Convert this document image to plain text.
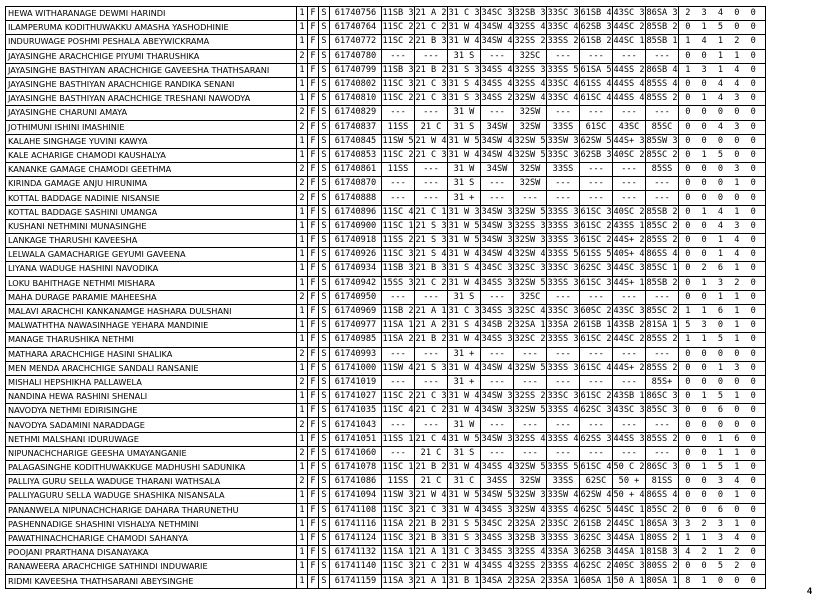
HEWA WITHARANAGE DEWMI HARINDI	1	F	S	61740756	11SB 3	21 A 2	31 C 3	34SC 3	32SB 3	33SC 3	61SB 4	43SC 3	86SA 3	2 3 4 0 0
ILAMPERUMA KODITHUWAKKU AMASHA YASHODHINIE	1	F	S	61740764	11SC 2	21 C 2	31 W 4	34SW 4	32SS 4	33SC 4	62SB 3	44SC 2	85SB 2	0 1 5 0 0
INDURUWAGE POSHMI PESHALA ABEYWICKRAMA	1	F	S	61740772	11SC 2	21 B 3	31 W 4	34SW 4	32SS 2	33SS 2	61SB 2	44SC 1	85SB 1	1 4 1 2 0
JAYASINGHE ARACHCHIGE PIYUMI THARUSHIKA	2	F	S	61740780	---	---	31 S	---	32SC	---	---	---	---	0 0 1 1 0
JAYASINGHE BASTHIYAN ARACHCHIGE GAVEESHA THATHSARANI	1	F	S	61740799	11SB 3	21 B 2	31 S 3	34SS 4	32SS 3	33SS 5	61SA 5	44SS 2	86SB 4	1 3 1 4 0
JAYASINGHE BASTHIYAN ARACHCHIGE RANDIKA SENANI	1	F	S	61740802	11SC 3	21 C 3	31 S 4	34SS 4	32SS 4	33SC 4	61SS 4	44SS 4	85SS 4	0 0 4 4 0
JAYASINGHE BASTHIYAN ARACHCHIGE TRESHANI NAWODYA	1	F	S	61740810	11SC 2	21 C 3	31 S 3	34SS 2	32SW 4	33SC 4	61SC 4	44SS 4	85SS 2	0 1 4 3 0
JAYASINGHE CHARUNI AMAYA	2	F	S	61740829	---	---	31 W	---	32SW	---	---	---	---	0 0 0 0 0
JOTHIMUNI ISHINI IMASHINIE	2	F	S	61740837	11SS	21 C	31 S	34SW	32SW	33SS	61SC	43SC	85SC	0 0 4 3 0
KALAHE SINGHAGE YUVINI KAWYA	1	F	S	61740845	11SW 5	21 W 4	31 W 5	34SW 4	32SW 5	33SW 3	62SW 5	44S+ 3	85SW 3	0 0 0 0 0
KALE ACHARIGE CHAMODI KAUSHALYA	1	F	S	61740853	11SC 2	21 C 3	31 W 4	34SW 4	32SW 5	33SC 3	62SB 3	40SC 2	85SC 2	0 1 5 0 0
KANANKE GAMAGE CHAMODI GEETHMA	2	F	S	61740861	11SS	---	31 W	34SW	32SW	33SS	---	---	85SS	0 0 0 3 0
KIRINDA GAMAGE ANJU HIRUNIMA	2	F	S	61740870	---	---	31 S	---	32SW	---	---	---	---	0 0 0 1 0
KOTTAL BADDAGE NADINIE NISANSIE	2	F	S	61740888	---	---	31 +	---	---	---	---	---	---	0 0 0 0 0
KOTTAL BADDAGE SASHINI UMANGA	1	F	S	61740896	11SC 4	21 C 1	31 W 3	34SW 3	32SW 5	33SS 3	61SC 3	40SC 2	85SB 2	0 1 4 1 0
KUSHANI NETHMINI MUNASINGHE	1	F	S	61740900	11SC 1	21 S 3	31 W 5	34SW 3	32SS 3	33SS 3	61SC 2	43SS 1	85SC 2	0 0 4 3 0
LANKAGE THARUSHI KAVEESHA	1	F	S	61740918	11SS 2	21 S 3	31 W 5	34SW 3	32SW 3	33SS 3	61SC 2	44S+ 2	85SS 2	0 0 1 4 0
LELWALA GAMACHARIGE GEYUMI GAVEENA	1	F	S	61740926	11SC 3	21 S 4	31 W 4	34SW 4	32SW 4	33SS 5	61SS 5	40S+ 4	86SS 4	0 0 1 4 0
LIYANA WADUGE HASHINI NAVODIKA	1	F	S	61740934	11SB 3	21 B 3	31 S 4	34SC 3	32SC 3	33SC 3	62SC 3	44SC 3	85SC 1	0 2 6 1 0
LOKU BAHITHAGE NETHMI MISHARA	1	F	S	61740942	15SS 3	21 C 2	31 W 4	34SS 3	32SW 5	33SS 3	61SC 3	44S+ 1	85SB 2	0 1 3 2 0
MAHA DURAGE PARAMIE MAHEESHA	2	F	S	61740950	---	---	31 S	---	32SC	---	---	---	---	0 0 1 1 0
MALAVI ARACHCHI KANKANAMGE HASHARA DULSHANI	1	F	S	61740969	11SB 2	21 A 1	31 C 3	34SS 3	32SC 4	33SC 3	60SC 2	43SC 3	85SC 2	1 1 6 1 0
MALWATHTHA NAWASINHAGE YEHARA MANDINIE	1	F	S	61740977	11SA 1	21 A 2	31 S 4	34SB 2	32SA 1	33SA 2	61SB 1	43SB 2	81SA 1	5 3 0 1 0
MANAGE THARUSHIKA NETHMI	1	F	S	61740985	11SA 2	21 B 2	31 W 4	34SS 3	32SC 2	33SS 3	61SC 2	44SC 2	85SS 2	1 1 5 1 0
MATHARA ARACHCHIGE HASINI SHALIKA	2	F	S	61740993	---	---	31 +	---	---	---	---	---	---	0 0 0 0 0
MEN MENDA ARACHCHIGE SANDALI RANSANIE	1	F	S	61741000	11SW 4	21 S 3	31 W 4	34SW 4	32SW 5	33SS 3	61SC 4	44S+ 2	85SS 2	0 0 1 3 0
MISHALI HEPSHIKHA PALLAWELA	2	F	S	61741019	---	---	31 +	---	---	---	---	---	85S+	0 0 0 0 0
NANDINA HEWA RASHINI SHENALI	1	F	S	61741027	11SC 2	21 C 3	31 W 4	34SW 3	32SS 2	33SC 3	61SC 2	43SB 1	86SC 3	0 1 5 1 0
NAVODYA NETHMI EDIRISINGHE	1	F	S	61741035	11SC 4	21 C 2	31 W 4	34SW 3	32SW 5	33SS 4	62SC 3	43SC 3	85SC 3	0 0 6 0 0
NAVODYA SADAMINI NARADDAGE	2	F	S	61741043	---	---	31 W	---	---	---	---	---	---	0 0 0 0 0
NETHMI MALSHANI IDURUWAGE	1	F	S	61741051	11SS 1	21 C 4	31 W 5	34SW 3	32SS 4	33SS 4	62SS 3	44SS 3	85SS 2	0 0 1 6 0
NIPUNACHCHARIGE GEESHA UMAYANGANIE	2	F	S	61741060	---	21 C	31 S	---	---	---	---	---	---	0 0 1 1 0
PALAGASINGHE KODITHUWAKKUGE MADHUSHI SADUNIKA	1	F	S	61741078	11SC 1	21 B 2	31 W 4	34SS 4	32SW 5	33SS 5	61SC 4	50 C 2	86SC 3	0 1 5 1 0
PALLIYA GURU SELLA WADUGE THARANI WATHSALA	2	F	S	61741086	11SS	21 C	31 C	34SS	32SW	33SS	62SC	50 +	81SS	0 0 3 4 0
PALLIYAGURU SELLA WADUGE SHASHIKA NISANSALA	1	F	S	61741094	11SW 3	21 W 4	31 W 5	34SW 5	32SW 3	33SW 4	62SW 4	50 + 4	86SS 4	0 0 0 1 0
PANANWELA NIPUNACHCHARIGE DAHARA THARUNETHU	1	F	S	61741108	11SC 3	21 C 3	31 W 4	34SS 3	32SW 4	33SS 4	62SC 5	44SC 1	85SC 2	0 0 6 0 0
PASHENNADIGE SHASHINI VISHALYA NETHMINI	1	F	S	61741116	11SA 2	21 B 2	31 S 5	34SC 2	32SA 2	33SC 2	61SB 2	44SC 1	86SA 3	3 2 3 1 0
PAWATHINACHCHARIGE CHAMODI SAHANYA	1	F	S	61741124	11SC 3	21 B 3	31 S 3	34SS 3	32SB 3	33SS 3	62SC 3	44SA 1	80SS 2	1 1 3 4 0
POOJANI PRARTHANA DISANAYAKA	1	F	S	61741132	11SA 1	21 A 1	31 C 3	34SS 3	32SS 4	33SA 3	62SB 3	44SA 1	81SB 3	4 2 1 2 0
RANAWEERA ARACHCHIGE SATHINDI INDUWARIE	1	F	S	61741140	11SC 3	21 C 2	31 W 4	34SS 4	32SS 2	33SS 4	62SC 2	40SC 3	80SS 2	0 0 5 2 0
RIDMI KAVEESHA THATHSARANI ABEYSINGHE	1	F	S	61741159	11SA 3	21 A 1	31 B 1	34SA 2	32SA 2	33SA 1	60SA 1	50 A 1	80SA 1	8 1 0 0 0
4
